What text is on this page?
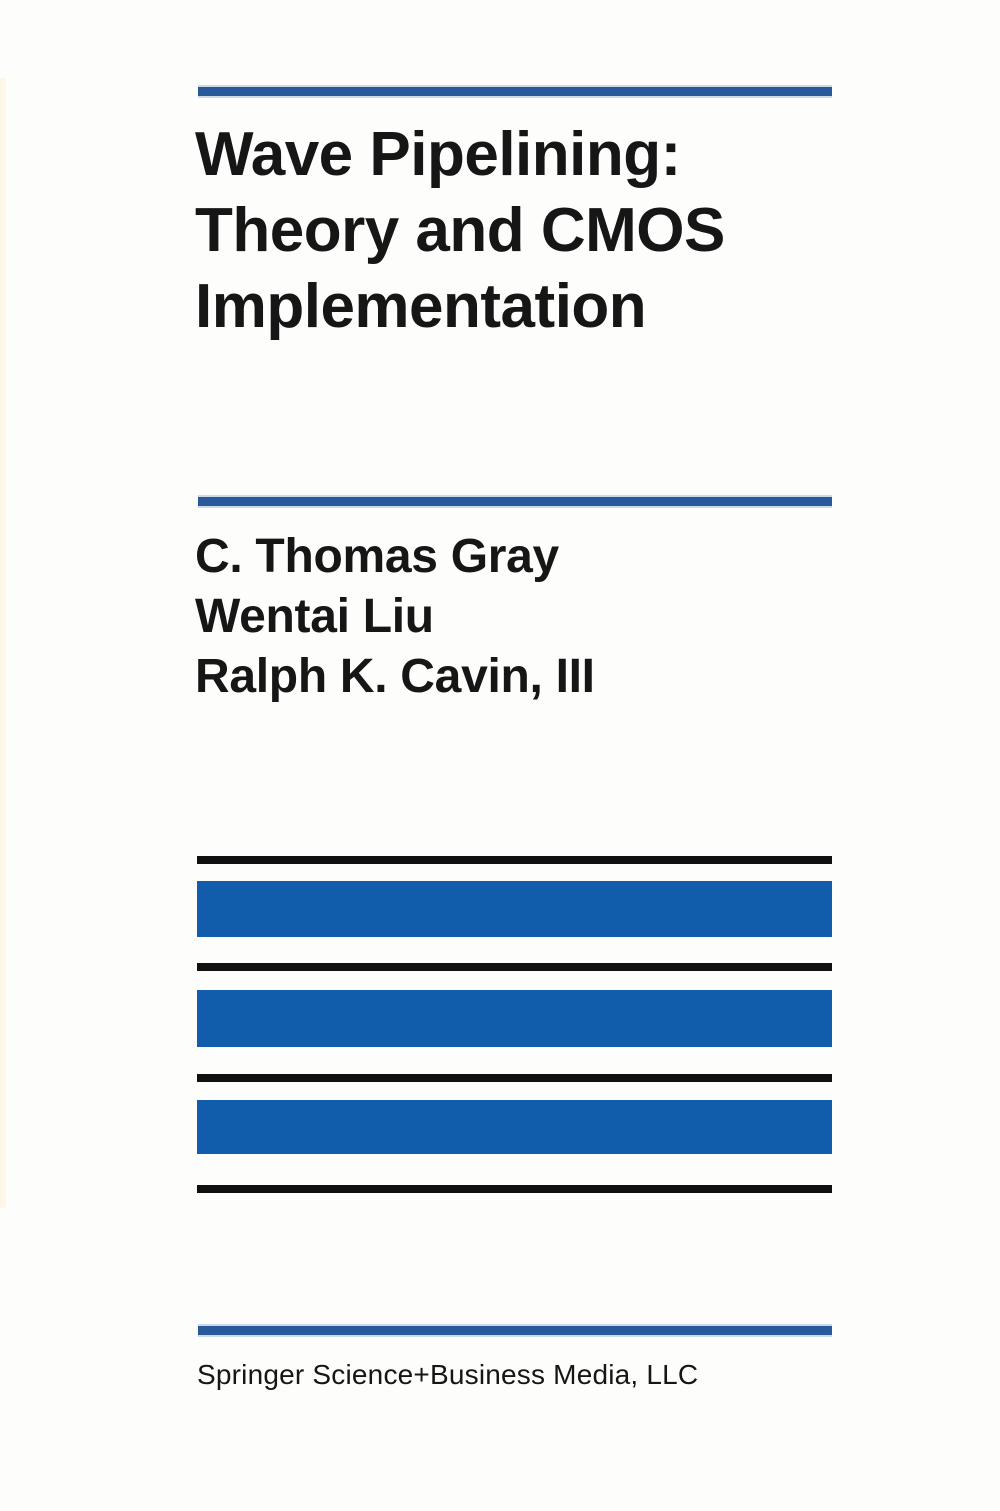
Wave Pipelining:
Theory and CMOS
Implementation
C. Thomas Gray
Wentai Liu
Ralph K. Cavin, III
Springer Science+Business Media, LLC
